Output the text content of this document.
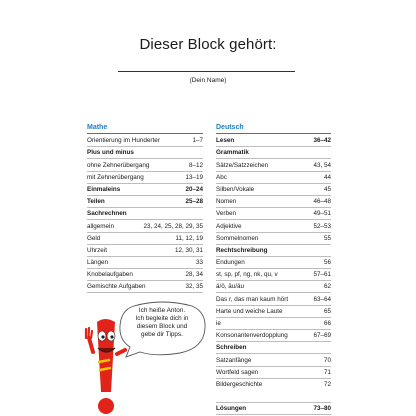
Dieser Block gehört:
(Dein Name)
Mathe
Orientierung im Hunderter	1–7
Plus und minus
ohne Zehnerübergang	8–12
mit Zehnerübergang	13–19
Einmaleins	20–24
Teilen	25–28
Sachrechnen
allgemein	23, 24, 25, 28, 29, 35
Geld	11, 12, 19
Uhrzeit	12, 30, 31
Längen	33
Knobelaufgaben	28, 34
Gemischte Aufgaben	32, 35
Deutsch
Lesen	36–42
Grammatik
Sätze/Satzzeichen	43, 54
Abc	44
Silben/Vokale	45
Nomen	46–48
Verben	49–51
Adjektive	52–53
Sommelnomen	55
Rechtschreibung
Endungen	56
st, sp, pf, ng, nk, qu, v	57–61
ä/ö, äu/äu	62
Das r, das man kaum hört	63–64
Harte und weiche Laute	65
ie	66
Konsonantenverdopplung	67–69
Schreiben
Satzanfänge	70
Wortfeld sagen	71
Bildergeschichte	72
Lösungen	73–80
Ich heiße Anton.
Ich begleite dich in
diesem Block und
gebe dir Tipps.
